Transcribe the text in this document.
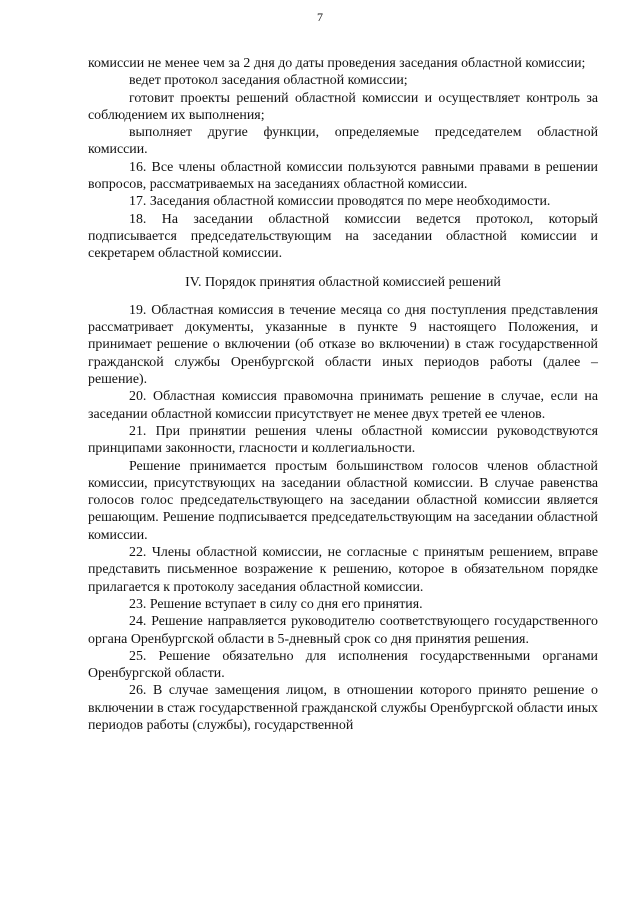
7

комиссии не менее чем за 2 дня до даты проведения заседания областной комиссии;

ведет протокол заседания областной комиссии;

готовит проекты решений областной комиссии и осуществляет контроль за соблюдением их выполнения;

выполняет другие функции, определяемые председателем областной комиссии.

16. Все члены областной комиссии пользуются равными правами в решении вопросов, рассматриваемых на заседаниях областной комиссии.

17. Заседания областной комиссии проводятся по мере необходимости.

18. На заседании областной комиссии ведется протокол, который подписывается председательствующим на заседании областной комиссии и секретарем областной комиссии.

IV. Порядок принятия областной комиссией решений

19. Областная комиссия в течение месяца со дня поступления представления рассматривает документы, указанные в пункте 9 настоящего Положения, и принимает решение о включении (об отказе во включении) в стаж государственной гражданской службы Оренбургской области иных периодов работы (далее – решение).

20. Областная комиссия правомочна принимать решение в случае, если на заседании областной комиссии присутствует не менее двух третей ее членов.

21. При принятии решения члены областной комиссии руководствуются принципами законности, гласности и коллегиальности.

Решение принимается простым большинством голосов членов областной комиссии, присутствующих на заседании областной комиссии. В случае равенства голосов голос председательствующего на заседании областной комиссии является решающим. Решение подписывается председательствующим на заседании областной комиссии.

22. Члены областной комиссии, не согласные с принятым решением, вправе представить письменное возражение к решению, которое в обязательном порядке прилагается к протоколу заседания областной комиссии.

23. Решение вступает в силу со дня его принятия.

24. Решение направляется руководителю соответствующего государственного органа Оренбургской области в 5-дневный срок со дня принятия решения.

25. Решение обязательно для исполнения государственными органами Оренбургской области.

26. В случае замещения лицом, в отношении которого принято решение о включении в стаж государственной гражданской службы Оренбургской области иных периодов работы (службы), государственной
